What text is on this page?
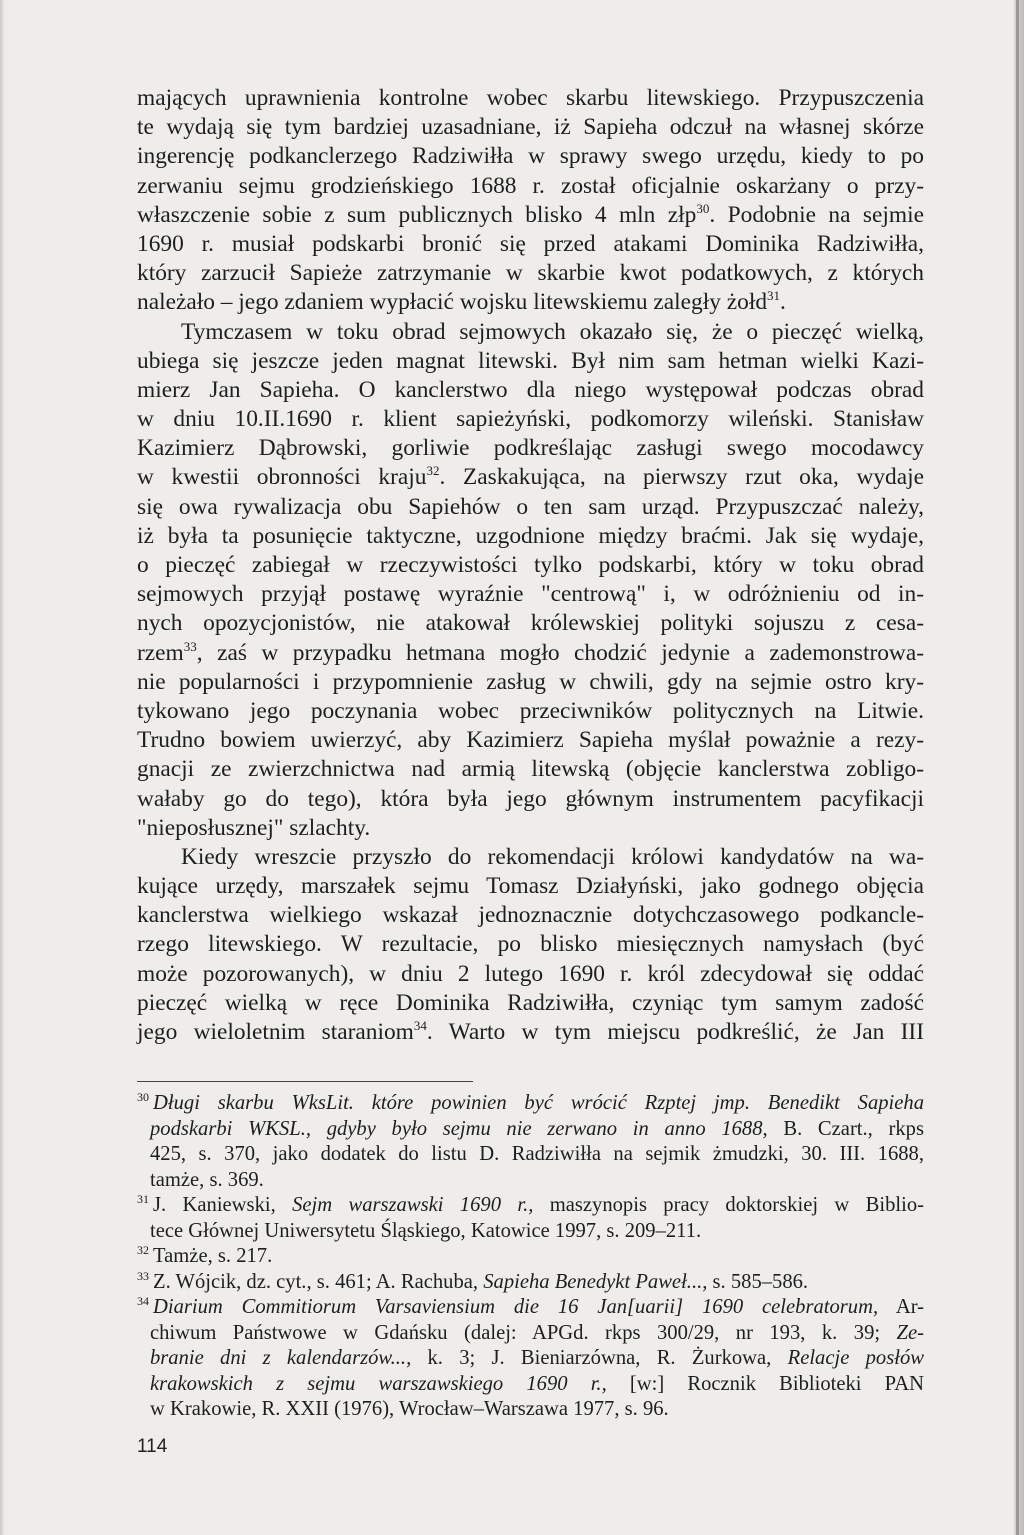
mających uprawnienia kontrolne wobec skarbu litewskiego. Przypuszczenia
te wydają się tym bardziej uzasadniane, iż Sapieha odczuł na własnej skórze
ingerencję podkanclerzego Radziwiłła w sprawy swego urzędu, kiedy to po
zerwaniu sejmu grodzieńskiego 1688 r. został oficjalnie oskarżany o przy-
właszczenie sobie z sum publicznych blisko 4 mln złp$^{30}$. Podobnie na sejmie
1690 r. musiał podskarbi bronić się przed atakami Dominika Radziwiłła,
który zarzucił Sapieże zatrzymanie w skarbie kwot podatkowych, z których
należało – jego zdaniem wypłacić wojsku litewskiemu zaległy żołd$^{31}$.
Tymczasem w toku obrad sejmowych okazało się, że o pieczęć wielką,
ubiega się jeszcze jeden magnat litewski. Był nim sam hetman wielki Kazi-
mierz Jan Sapieha. O kanclerstwo dla niego występował podczas obrad
w dniu 10.II.1690 r. klient sapieżyński, podkomorzy wileński. Stanisław
Kazimierz Dąbrowski, gorliwie podkreślając zasługi swego mocodawcy
w kwestii obronności kraju$^{32}$. Zaskakująca, na pierwszy rzut oka, wydaje
się owa rywalizacja obu Sapiehów o ten sam urząd. Przypuszczać należy,
iż była ta posunięcie taktyczne, uzgodnione między braćmi. Jak się wydaje,
o pieczęć zabiegał w rzeczywistości tylko podskarbi, który w toku obrad
sejmowych przyjął postawę wyraźnie "centrową" i, w odróżnieniu od in-
nych opozycjonistów, nie atakował królewskiej polityki sojuszu z cesa-
rzem$^{33}$, zaś w przypadku hetmana mogło chodzić jedynie a zademonstrowa-
nie popularności i przypomnienie zasług w chwili, gdy na sejmie ostro kry-
tykowano jego poczynania wobec przeciwników politycznych na Litwie.
Trudno bowiem uwierzyć, aby Kazimierz Sapieha myślał poważnie a rezy-
gnacji ze zwierzchnictwa nad armią litewską (objęcie kanclerstwa zobligo-
wałaby go do tego), która była jego głównym instrumentem pacyfikacji
"nieposłusznej" szlachty.
Kiedy wreszcie przyszło do rekomendacji królowi kandydatów na wa-
kujące urzędy, marszałek sejmu Tomasz Działyński, jako godnego objęcia
kanclerstwa wielkiego wskazał jednoznacznie dotychczasowego podkancle-
rzego litewskiego. W rezultacie, po blisko miesięcznych namysłach (być
może pozorowanych), w dniu 2 lutego 1690 r. król zdecydował się oddać
pieczęć wielką w ręce Dominika Radziwiłła, czyniąc tym samym zadość
jego wieloletnim staraniom$^{34}$. Warto w tym miejscu podkreślić, że Jan III
$^{30}$ Długi skarbu WksLit. które powinien być wrócić Rzptej jmp. Benedikt Sapieha
podskarbi WKSL., gdyby było sejmu nie zerwano in anno 1688, B. Czart., rkps
425, s. 370, jako dodatek do listu D. Radziwiłła na sejmik żmudzki, 30. III. 1688,
tamże, s. 369.
$^{31}$ J. Kaniewski, Sejm warszawski 1690 r., maszynopis pracy doktorskiej w Biblio-
tece Głównej Uniwersytetu Śląskiego, Katowice 1997, s. 209–211.
$^{32}$ Tamże, s. 217.
$^{33}$ Z. Wójcik, dz. cyt., s. 461; A. Rachuba, Sapieha Benedykt Paweł..., s. 585–586.
$^{34}$ Diarium Commitiorum Varsaviensium die 16 Jan[uarii] 1690 celebratorum, Ar-
chiwum Państwowe w Gdańsku (dalej: APGd. rkps 300/29, nr 193, k. 39; Ze-
branie dni z kalendarzów..., k. 3; J. Bieniarzówna, R. Żurkowa, Relacje posłów
krakowskich z sejmu warszawskiego 1690 r., [w:] Rocznik Biblioteki PAN
w Krakowie, R. XXII (1976), Wrocław–Warszawa 1977, s. 96.
114
